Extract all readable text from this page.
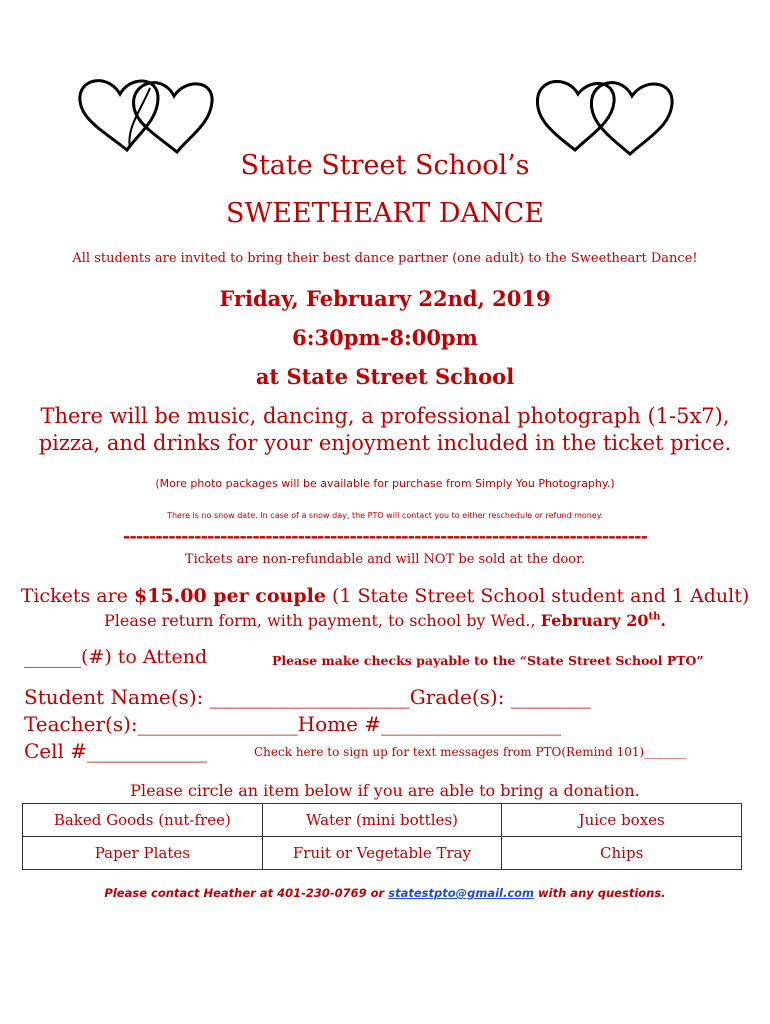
State Street School’s
SWEETHEART DANCE
All students are invited to bring their best dance partner (one adult) to the Sweetheart Dance!
Friday, February 22nd, 2019
6:30pm-8:00pm
at State Street School
There will be music, dancing, a professional photograph (1-5x7),
pizza, and drinks for your enjoyment included in the ticket price.
(More photo packages will be available for purchase from Simply You Photography.)
There is no snow date. In case of a snow day, the PTO will contact you to either reschedule or refund money.
---------------------------------------------------------------------------------
Tickets are non-refundable and will NOT be sold at the door.
Tickets are $15.00 per couple (1 State Street School student and 1 Adult)
Please return form, with payment, to school by Wed., February 20th.
______(#) to Attend	Please make checks payable to the “State Street School PTO”
Student Name(s): ____________________Grade(s): ________
Teacher(s):________________Home #__________________
Cell #____________	Check here to sign up for text messages from PTO(Remind 101)_______
Please circle an item below if you are able to bring a donation.
Baked Goods (nut-free)	Water (mini bottles)	Juice boxes
Paper Plates	Fruit or Vegetable Tray	Chips
Please contact Heather at 401-230-0769 or statestpto@gmail.com with any questions.
